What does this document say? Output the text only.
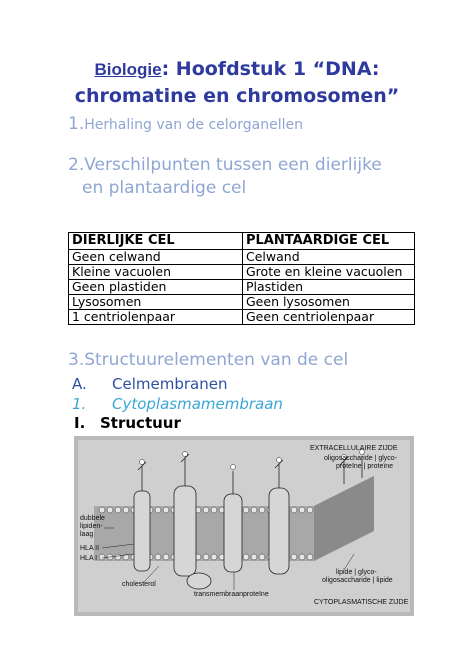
Biologie: Hoofdstuk 1 “DNA:
chromatine en chromosomen”
1.Herhaling van de celorganellen
2.Verschilpunten tussen een dierlijke
en plantaardige cel
DIERLIJKE CEL	PLANTAARDIGE CEL
Geen celwand	Celwand
Kleine vacuolen	Grote en kleine vacuolen
Geen plastiden	Plastiden
Lysosomen	Geen lysosomen
1 centriolenpaar	Geen centriolenpaar
3.Structuurelementen van de cel
A. Celmembranen
1. Cytoplasmamembraan
I. Structuur
EXTRACELLULAIRE ZIJDE
oligosaccharide | glyco-
proteïne | proteïne
dubbele
lipiden-
laag
HLA II
HLA I
cholesterol
transmembraanproteïne
lipide | glyco-
oligosaccharide | lipide
CYTOPLASMATISCHE ZIJDE
